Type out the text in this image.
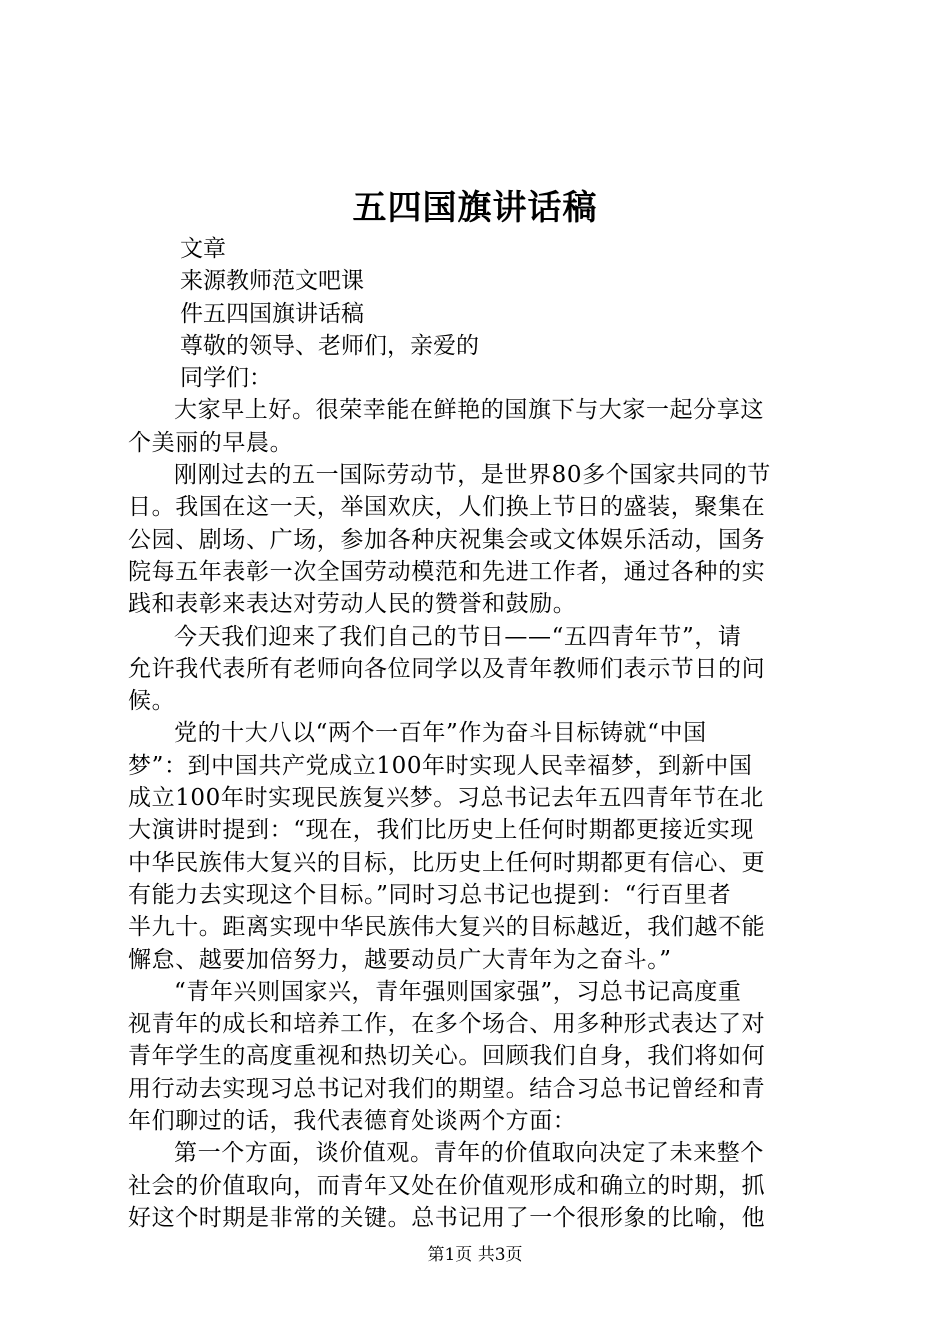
五四国旗讲话稿
文章
来源教师范文吧课
件五四国旗讲话稿
尊敬的领导、老师们，亲爱的
同学们：
大家早上好。很荣幸能在鲜艳的国旗下与大家一起分享这
个美丽的早晨。
刚刚过去的五一国际劳动节，是世界80多个国家共同的节
日。我国在这一天，举国欢庆，人们换上节日的盛装，聚集在
公园、剧场、广场，参加各种庆祝集会或文体娱乐活动，国务
院每五年表彰一次全国劳动模范和先进工作者，通过各种的实
践和表彰来表达对劳动人民的赞誉和鼓励。
今天我们迎来了我们自己的节日——“五四青年节”，请
允许我代表所有老师向各位同学以及青年教师们表示节日的问
候。
党的十大八以“两个一百年”作为奋斗目标铸就“中国
梦”：到中国共产党成立100年时实现人民幸福梦，到新中国
成立100年时实现民族复兴梦。习总书记去年五四青年节在北
大演讲时提到：“现在，我们比历史上任何时期都更接近实现
中华民族伟大复兴的目标，比历史上任何时期都更有信心、更
有能力去实现这个目标。”同时习总书记也提到：“行百里者
半九十。距离实现中华民族伟大复兴的目标越近，我们越不能
懈怠、越要加倍努力，越要动员广大青年为之奋斗。”
“青年兴则国家兴，青年强则国家强”，习总书记高度重
视青年的成长和培养工作，在多个场合、用多种形式表达了对
青年学生的高度重视和热切关心。回顾我们自身，我们将如何
用行动去实现习总书记对我们的期望。结合习总书记曾经和青
年们聊过的话，我代表德育处谈两个方面：
第一个方面，谈价值观。青年的价值取向决定了未来整个
社会的价值取向，而青年又处在价值观形成和确立的时期，抓
好这个时期是非常的关键。总书记用了一个很形象的比喻，他
第1页 共3页
